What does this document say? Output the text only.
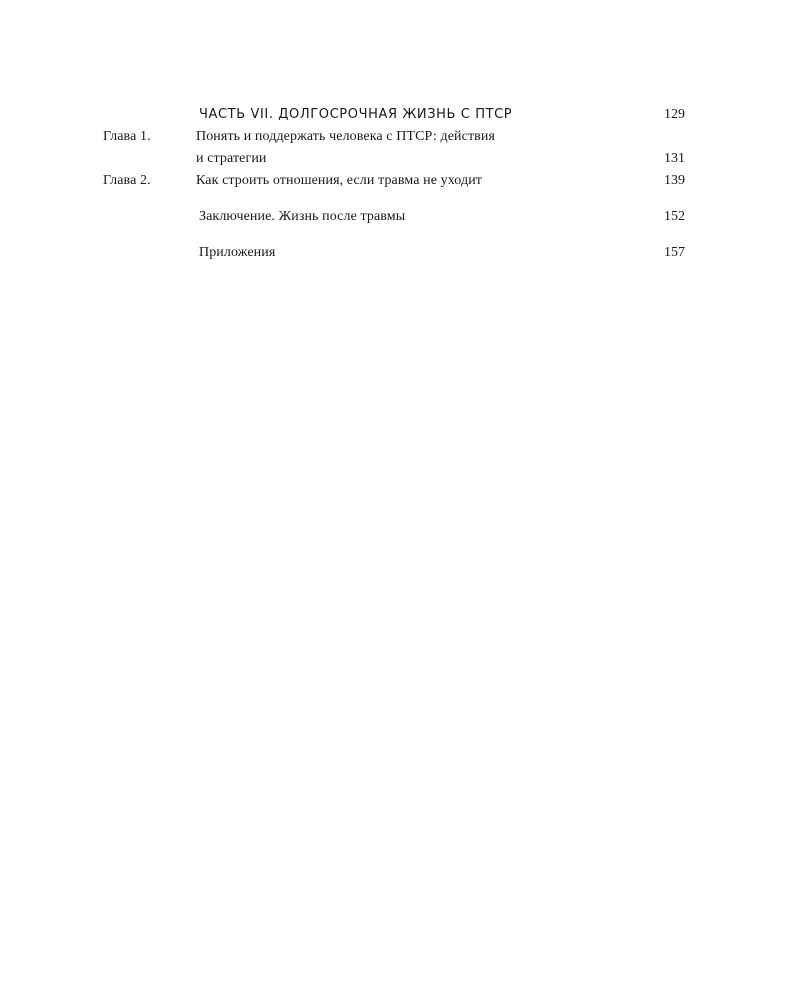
ЧАСТЬ VII. ДОЛГОСРОЧНАЯ ЖИЗНЬ С ПТСР	129
Глава 1.	Понять и поддержать человека с ПТСР: действия
и стратегии	131
Глава 2.	Как строить отношения, если травма не уходит	139
Заключение. Жизнь после травмы	152
Приложения	157
